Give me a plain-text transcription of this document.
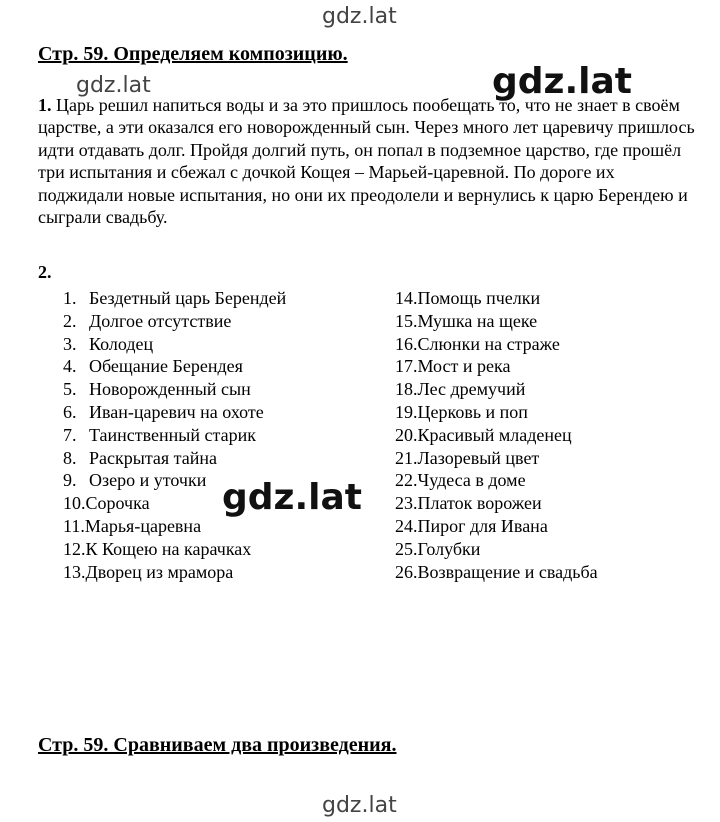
gdz.lat
Стр. 59. Определяем композицию.
gdz.lat	gdz.lat
1. Царь решил напиться воды и за это пришлось пообещать то, что не знает в своём царстве, а эти оказался его новорожденный сын. Через много лет царевичу пришлось идти отдавать долг. Пройдя долгий путь, он попал в подземное царство, где прошёл три испытания и сбежал с дочкой Кощея – Марьей-царевной. По дороге их поджидали новые испытания, но они их преодолели и вернулись к царю Берендею и сыграли свадьбу.
2.
1. Бездетный царь Берендей
2. Долгое отсутствие
3. Колодец
4. Обещание Берендея
5. Новорожденный сын
6. Иван-царевич на охоте
7. Таинственный старик
8. Раскрытая тайна
9. Озеро и уточки
10.Сорочка
11.Марья-царевна
12.К Кощею на карачках
13.Дворец из мрамора
14.Помощь пчелки
15.Мушка на щеке
16.Слюнки на страже
17.Мост и река
18.Лес дремучий
19.Церковь и поп
20.Красивый младенец
21.Лазоревый цвет
22.Чудеса в доме
23.Платок ворожеи
24.Пирог для Ивана
25.Голубки
26.Возвращение и свадьба
gdz.lat
Стр. 59. Сравниваем два произведения.
gdz.lat
